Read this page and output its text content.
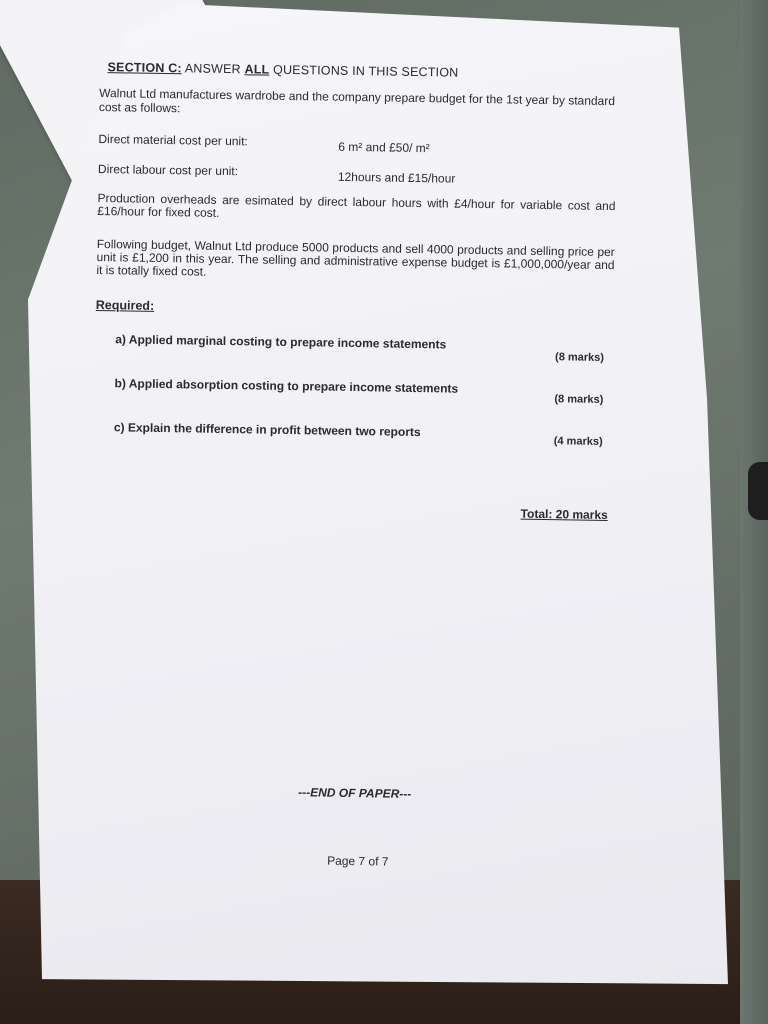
SECTION C: ANSWER ALL QUESTIONS IN THIS SECTION
Walnut Ltd manufactures wardrobe and the company prepare budget for the 1st year by standard cost as follows:
Direct material cost per unit:	6 m² and £50/ m²
Direct labour cost per unit:	12hours and £15/hour
Production overheads are esimated by direct labour hours with £4/hour for variable cost and £16/hour for fixed cost.
Following budget, Walnut Ltd produce 5000 products and sell 4000 products and selling price per unit is £1,200 in this year. The selling and administrative expense budget is £1,000,000/year and it is totally fixed cost.
Required:
a) Applied marginal costing to prepare income statements
(8 marks)
b) Applied absorption costing to prepare income statements
(8 marks)
c) Explain the difference in profit between two reports
(4 marks)
Total: 20 marks
---END OF PAPER---
Page 7 of 7
